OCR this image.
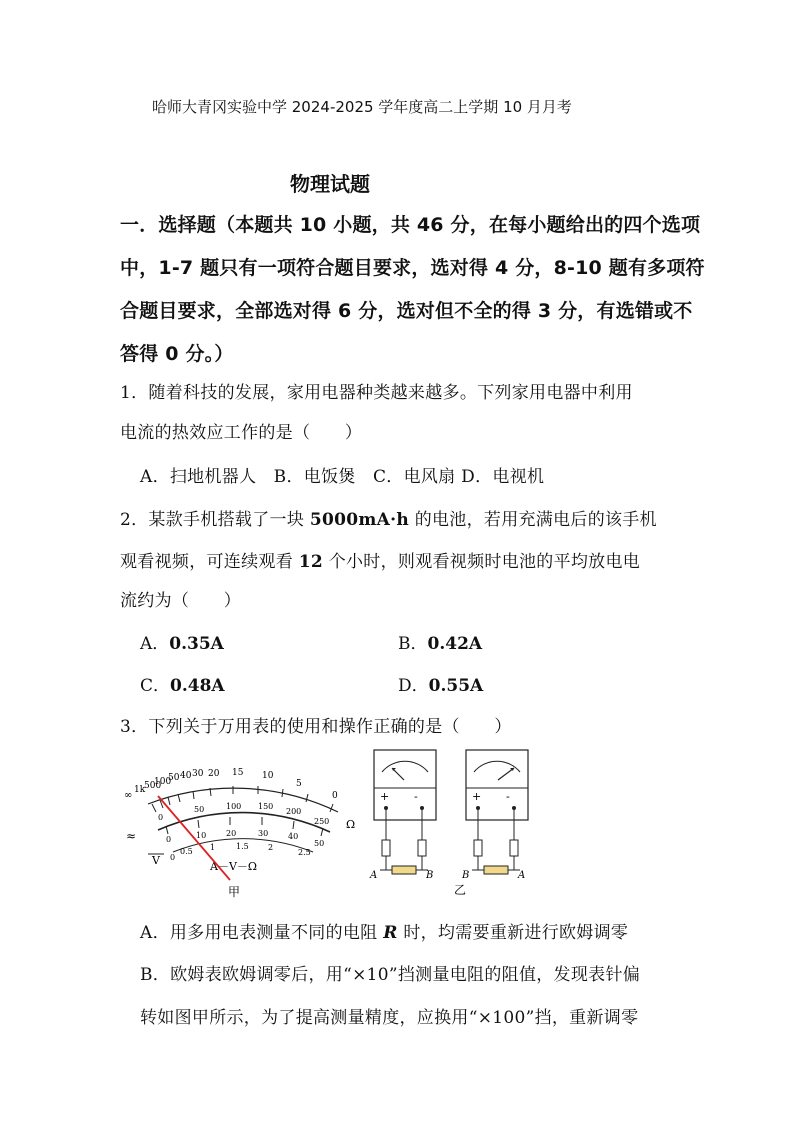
哈师大青冈实验中学 2024-2025 学年度高二上学期 10 月月考
物理试题
一．选择题（本题共 10 小题，共 46 分，在每小题给出的四个选项
中，1-7 题只有一项符合题目要求，选对得 4 分，8-10 题有多项符
合题目要求，全部选对得 6 分，选对但不全的得 3 分，有选错或不
答得 0 分。）
1．随着科技的发展，家用电器种类越来越多。下列家用电器中利用
电流的热效应工作的是（　　）
A．扫地机器人　B．电饭煲　C．电风扇 D．电视机
2．某款手机搭载了一块 5000mA·h 的电池，若用充满电后的该手机
观看视频，可连续观看 12 个小时，则观看视频时电池的平均放电电
流约为（　　）
A．0.35A	B．0.42A
C．0.48A	D．0.55A
3．下列关于万用表的使用和操作正确的是（　　）
∞ 1k
500
100
50 40 30 20 15 10
5
0
Ω
0
50	100 150
200
250
0	10 20	30 40
50
0
0.5 1	1.5 2
2.5
≈
V	A－V－Ω
甲
+ -
A	B
+ -
B	A
乙
A．用多用电表测量不同的电阻 R 时，均需要重新进行欧姆调零
B．欧姆表欧姆调零后，用“×10”挡测量电阻的阻值，发现表针偏
转如图甲所示，为了提高测量精度，应换用“×100”挡，重新调零
